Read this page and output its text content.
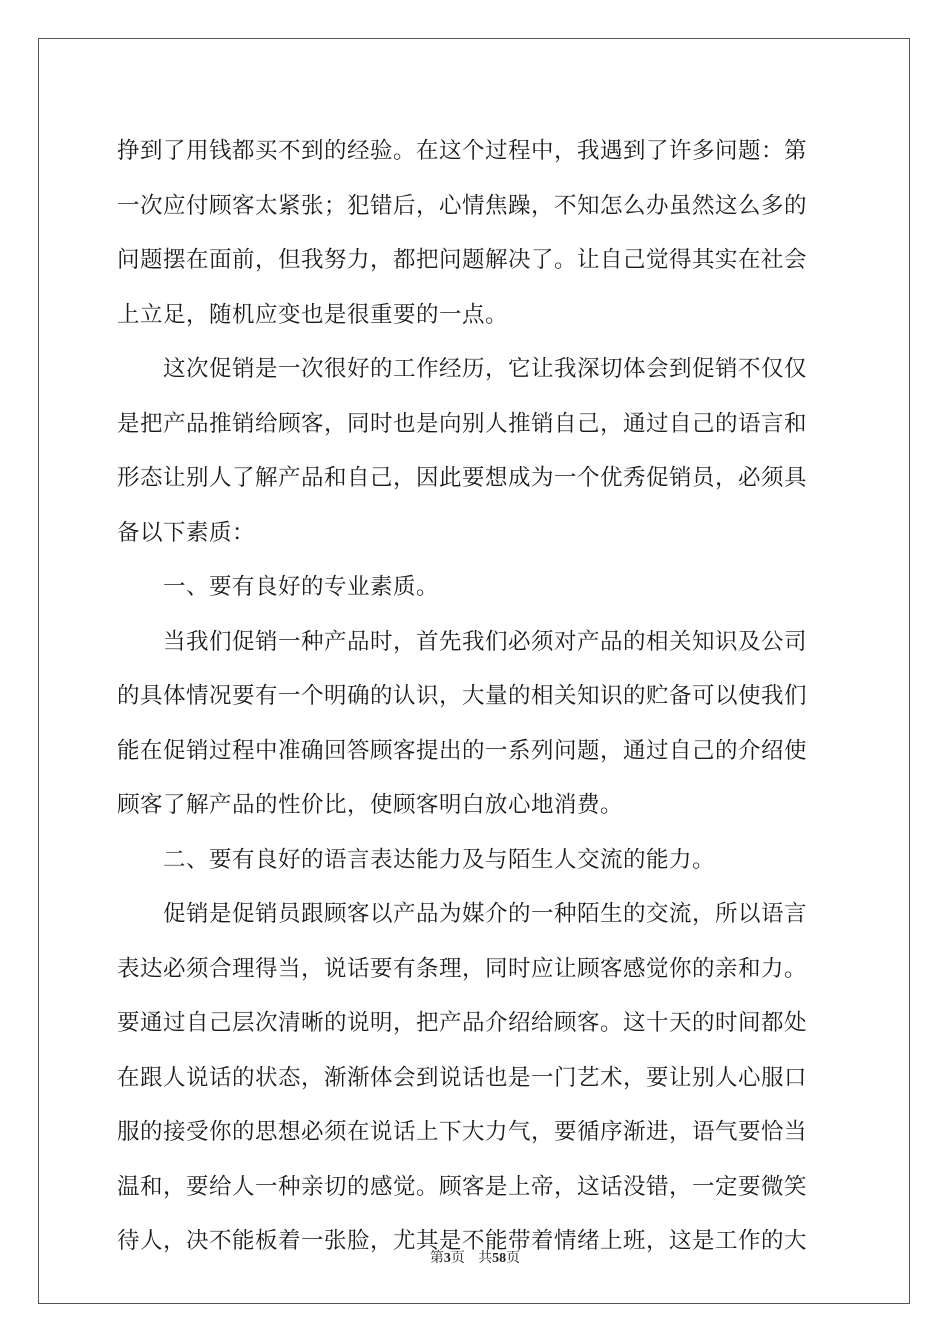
挣到了用钱都买不到的经验。在这个过程中，我遇到了许多问题：第
一次应付顾客太紧张；犯错后，心情焦躁，不知怎么办虽然这么多的
问题摆在面前，但我努力，都把问题解决了。让自己觉得其实在社会
上立足，随机应变也是很重要的一点。
这次促销是一次很好的工作经历，它让我深切体会到促销不仅仅
是把产品推销给顾客，同时也是向别人推销自己，通过自己的语言和
形态让别人了解产品和自己，因此要想成为一个优秀促销员，必须具
备以下素质：
一、要有良好的专业素质。
当我们促销一种产品时，首先我们必须对产品的相关知识及公司
的具体情况要有一个明确的认识，大量的相关知识的贮备可以使我们
能在促销过程中准确回答顾客提出的一系列问题，通过自己的介绍使
顾客了解产品的性价比，使顾客明白放心地消费。
二、要有良好的语言表达能力及与陌生人交流的能力。
促销是促销员跟顾客以产品为媒介的一种陌生的交流，所以语言
表达必须合理得当，说话要有条理，同时应让顾客感觉你的亲和力。
要通过自己层次清晰的说明，把产品介绍给顾客。这十天的时间都处
在跟人说话的状态，渐渐体会到说话也是一门艺术，要让别人心服口
服的接受你的思想必须在说话上下大力气，要循序渐进，语气要恰当
温和，要给人一种亲切的感觉。顾客是上帝，这话没错，一定要微笑
待人，决不能板着一张脸，尤其是不能带着情绪上班，这是工作的大
第3页 共58页
